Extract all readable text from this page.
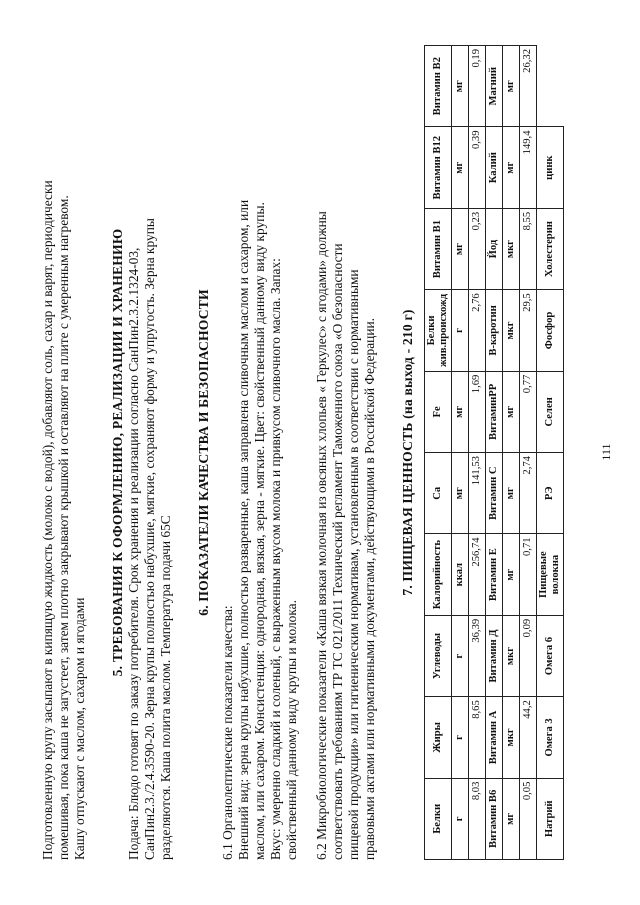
Подготовленную крупу засыпают в кипящую жидкость (молоко с водой), добавляют соль, сахар и варят, периодически помешивая, пока каша не загустеет, затем плотно закрывают крышкой и оставляют на плите с умеренным нагревом. Кашу отпускают с маслом, сахаром и ягодами

5. ТРЕБОВАНИЯ К ОФОРМЛЕНИЮ, РЕАЛИЗАЦИИ И ХРАНЕНИЮ Подача: Блюдо готовят по заказу потребителя. Срок хранения и реализации согласно СанПин2.3.2.1324-03, СанПин2.3./2.4.3590-20. Зерна крупы полностью набухшие, мягкие, сохраняют форму и упругость. Зерна крупы разделяются. Каша полита маслом. Температура подачи 65С

6. ПОКАЗАТЕЛИ КАЧЕСТВА И БЕЗОПАСНОСТИ

6.1 Органолептические показатели качества: Внешний вид: зерна крупы набухшие, полностью разваренные, каша заправлена сливочным маслом и сахаром, или маслом, или сахаром. Консистенция: однородная, вязкая, зерна - мягкие. Цвет: свойственный данному виду крупы. Вкус: умеренно сладкий и соленый, с выраженным вкусом молока и привкусом сливочного масла. Запах: свойственный данному виду крупы и молока. 6.2 Микробиологические показатели «Каша вязкая молочная из овсяных хлопьев « Геркулес» с ягодами» должны соответствовать требованиям ТР ТС 021/2011 Технический регламент Таможенного союза «О безопасности пищевой продукции» или гигиеническим нормативам, установленным в соответствии с нормативными правовыми актами или нормативными документами, действующими в Российской Федерации. 7. ПИЩЕВАЯ ЦЕННОСТЬ (на выход - 210 г)
Белки	Жиры	Углеводы	Калорийность	Ca	Fe	Белки жив.происхожд	Витамин В1	Витамин В12	Витамин В2
г	г	г	ккал	мг	мг	г	мг	мг	мг
8,03	8,65	36,39	256,74	141,53	1,69	2,76	0,23	0,39	0,19
Витамин В6	Витамин А	Витамин Д	Витамин Е	Витамин С	ВитаминPP	В-каротин	Йод	Калий	Магний
мг	мкг	мкг	мг	мг	мг	мкг	мкг	мг	мг
0,05	44,2	0,09	0,71	2,74	0,77	29,5	8,55	149,4	26,32
Натрий	Омега 3	Омега 6	Пищевые волокна	РЭ	Селен	Фосфор	Холестерин	цинк	
111
